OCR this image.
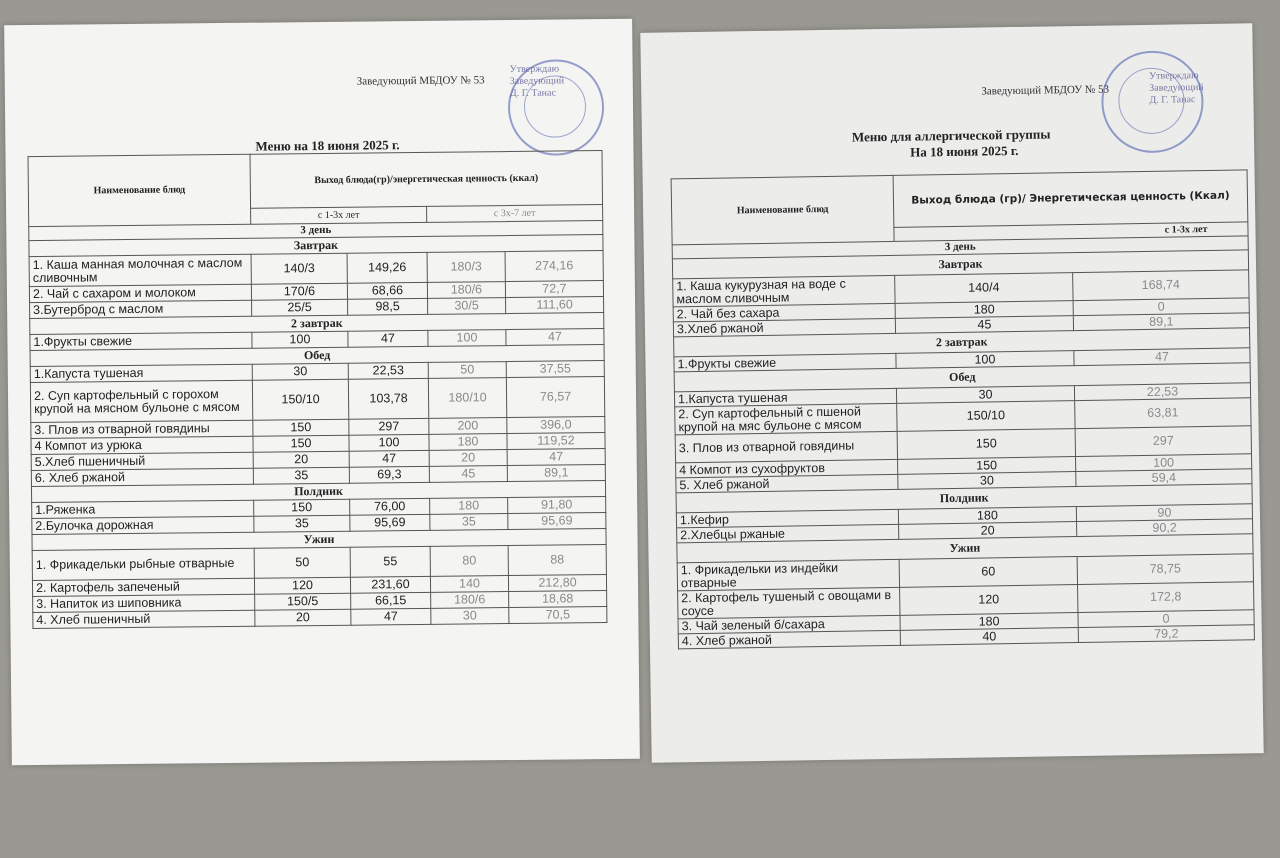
Заведующий МБДОУ № 53
Утверждаю
Заведующий
Д. Г. Танас
Меню на 18 июня 2025 г.
Наименование блюд	Выход блюда(гр)/энергетическая ценность (ккал)			
	с 1-3х лет		с 3х-7 лет	
3 день				
Завтрак				
1. Каша манная молочная с маслом сливочным	140/3	149,26	180/3	274,16
2. Чай с сахаром и молоком	170/6	68,66	180/6	72,7
3.Бутерброд с маслом	25/5	98,5	30/5	111,60
2 завтрак				
1.Фрукты свежие	100	47	100	47
Обед				
1.Капуста тушеная	30	22,53	50	37,55
2. Суп картофельный с горохом крупой на мясном бульоне с мясом	150/10	103,78	180/10	76,57
3. Плов из отварной говядины	150	297	200	396,0
4 Компот из урюка	150	100	180	119,52
5.Хлеб пшеничный	20	47	20	47
6. Хлеб ржаной	35	69,3	45	89,1
Полдник				
1.Ряженка	150	76,00	180	91,80
2.Булочка дорожная	35	95,69	35	95,69
Ужин				
1. Фрикадельки рыбные отварные	50	55	80	88
2. Картофель запеченый	120	231,60	140	212,80
3. Напиток из шиповника	150/5	66,15	180/6	18,68
4. Хлеб пшеничный	20	47	30	70,5
Заведующий МБДОУ № 53
Утверждаю
Заведующий
Д. Г. Танас
Меню для аллергической группы
На 18 июня 2025 г.
Наименование блюд	Выход блюда (гр)/ Энергетическая ценность (Ккал)	
	с 1-3х лет	
3 день		
Завтрак		
1. Каша кукурузная на воде с маслом сливочным	140/4	168,74
2. Чай без сахара	180	0
3.Хлеб ржаной	45	89,1
2 завтрак		
1.Фрукты свежие	100	47
Обед		
1.Капуста тушеная	30	22,53
2. Суп картофельный с пшеной крупой на мяс бульоне с мясом	150/10	63,81
3. Плов из отварной говядины	150	297
4 Компот из сухофруктов	150	100
5. Хлеб ржаной	30	59,4
Полдник		
1.Кефир	180	90
2.Хлебцы ржаные	20	90,2
Ужин		
1. Фрикадельки из индейки отварные	60	78,75
2. Картофель тушеный с овощами в соусе	120	172,8
3. Чай зеленый б/сахара	180	0
4. Хлеб ржаной	40	79,2
